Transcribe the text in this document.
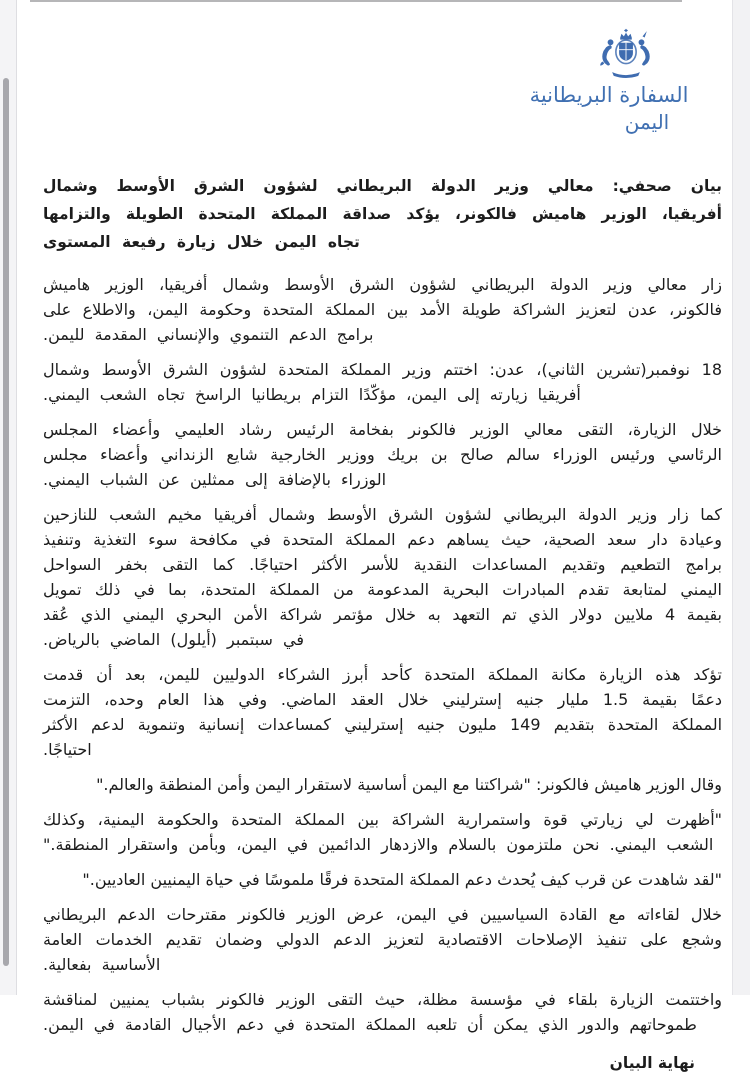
السفارة البريطانية
اليمن
بيان صحفي: معالي وزير الدولة البريطاني لشؤون الشرق الأوسط وشمال أفريقيا، الوزير هاميش فالكونر، يؤكد صداقة المملكة المتحدة الطويلة والتزامها تجاه اليمن خلال زيارة رفيعة المستوى

زار معالي وزير الدولة البريطاني لشؤون الشرق الأوسط وشمال أفريقيا، الوزير هاميش فالكونر، عدن لتعزيز الشراكة طويلة الأمد بين المملكة المتحدة وحكومة اليمن، والاطلاع على برامج الدعم التنموي والإنساني المقدمة لليمن.

18 نوفمبر(تشرين الثاني)، عدن: اختتم وزير المملكة المتحدة لشؤون الشرق الأوسط وشمال أفريقيا زيارته إلى اليمن، مؤكّدًا التزام بريطانيا الراسخ تجاه الشعب اليمني.

خلال الزيارة، التقى معالي الوزير فالكونر بفخامة الرئيس رشاد العليمي وأعضاء المجلس الرئاسي ورئيس الوزراء سالم صالح بن بريك ووزير الخارجية شايع الزنداني وأعضاء مجلس الوزراء بالإضافة إلى ممثلين عن الشباب اليمني.

كما زار وزير الدولة البريطاني لشؤون الشرق الأوسط وشمال أفريقيا مخيم الشعب للنازحين وعيادة دار سعد الصحية، حيث يساهم دعم المملكة المتحدة في مكافحة سوء التغذية وتنفيذ برامج التطعيم وتقديم المساعدات النقدية للأسر الأكثر احتياجًا. كما التقى بخفر السواحل اليمني لمتابعة تقدم المبادرات البحرية المدعومة من المملكة المتحدة، بما في ذلك تمويل بقيمة 4 ملايين دولار الذي تم التعهد به خلال مؤتمر شراكة الأمن البحري اليمني الذي عُقد في سبتمبر (أيلول) الماضي بالرياض.

تؤكد هذه الزيارة مكانة المملكة المتحدة كأحد أبرز الشركاء الدوليين لليمن، بعد أن قدمت دعمًا بقيمة 1.5 مليار جنيه إسترليني خلال العقد الماضي. وفي هذا العام وحده، التزمت المملكة المتحدة بتقديم 149 مليون جنيه إسترليني كمساعدات إنسانية وتنموية لدعم الأكثر احتياجًا.

وقال الوزير هاميش فالكونر: "شراكتنا مع اليمن أساسية لاستقرار اليمن وأمن المنطقة والعالم."

"أظهرت لي زيارتي قوة واستمرارية الشراكة بين المملكة المتحدة والحكومة اليمنية، وكذلك الشعب اليمني. نحن ملتزمون بالسلام والازدهار الدائمين في اليمن، وبأمن واستقرار المنطقة."

"لقد شاهدت عن قرب كيف يُحدث دعم المملكة المتحدة فرقًا ملموسًا في حياة اليمنيين العاديين."

خلال لقاءاته مع القادة السياسيين في اليمن، عرض الوزير فالكونر مقترحات الدعم البريطاني وشجع على تنفيذ الإصلاحات الاقتصادية لتعزيز الدعم الدولي وضمان تقديم الخدمات العامة الأساسية بفعالية.

واختتمت الزيارة بلقاء في مؤسسة مظلة، حيث التقى الوزير فالكونر بشباب يمنيين لمناقشة طموحاتهم والدور الذي يمكن أن تلعبه المملكة المتحدة في دعم الأجيال القادمة في اليمن.

نهاية البيان
